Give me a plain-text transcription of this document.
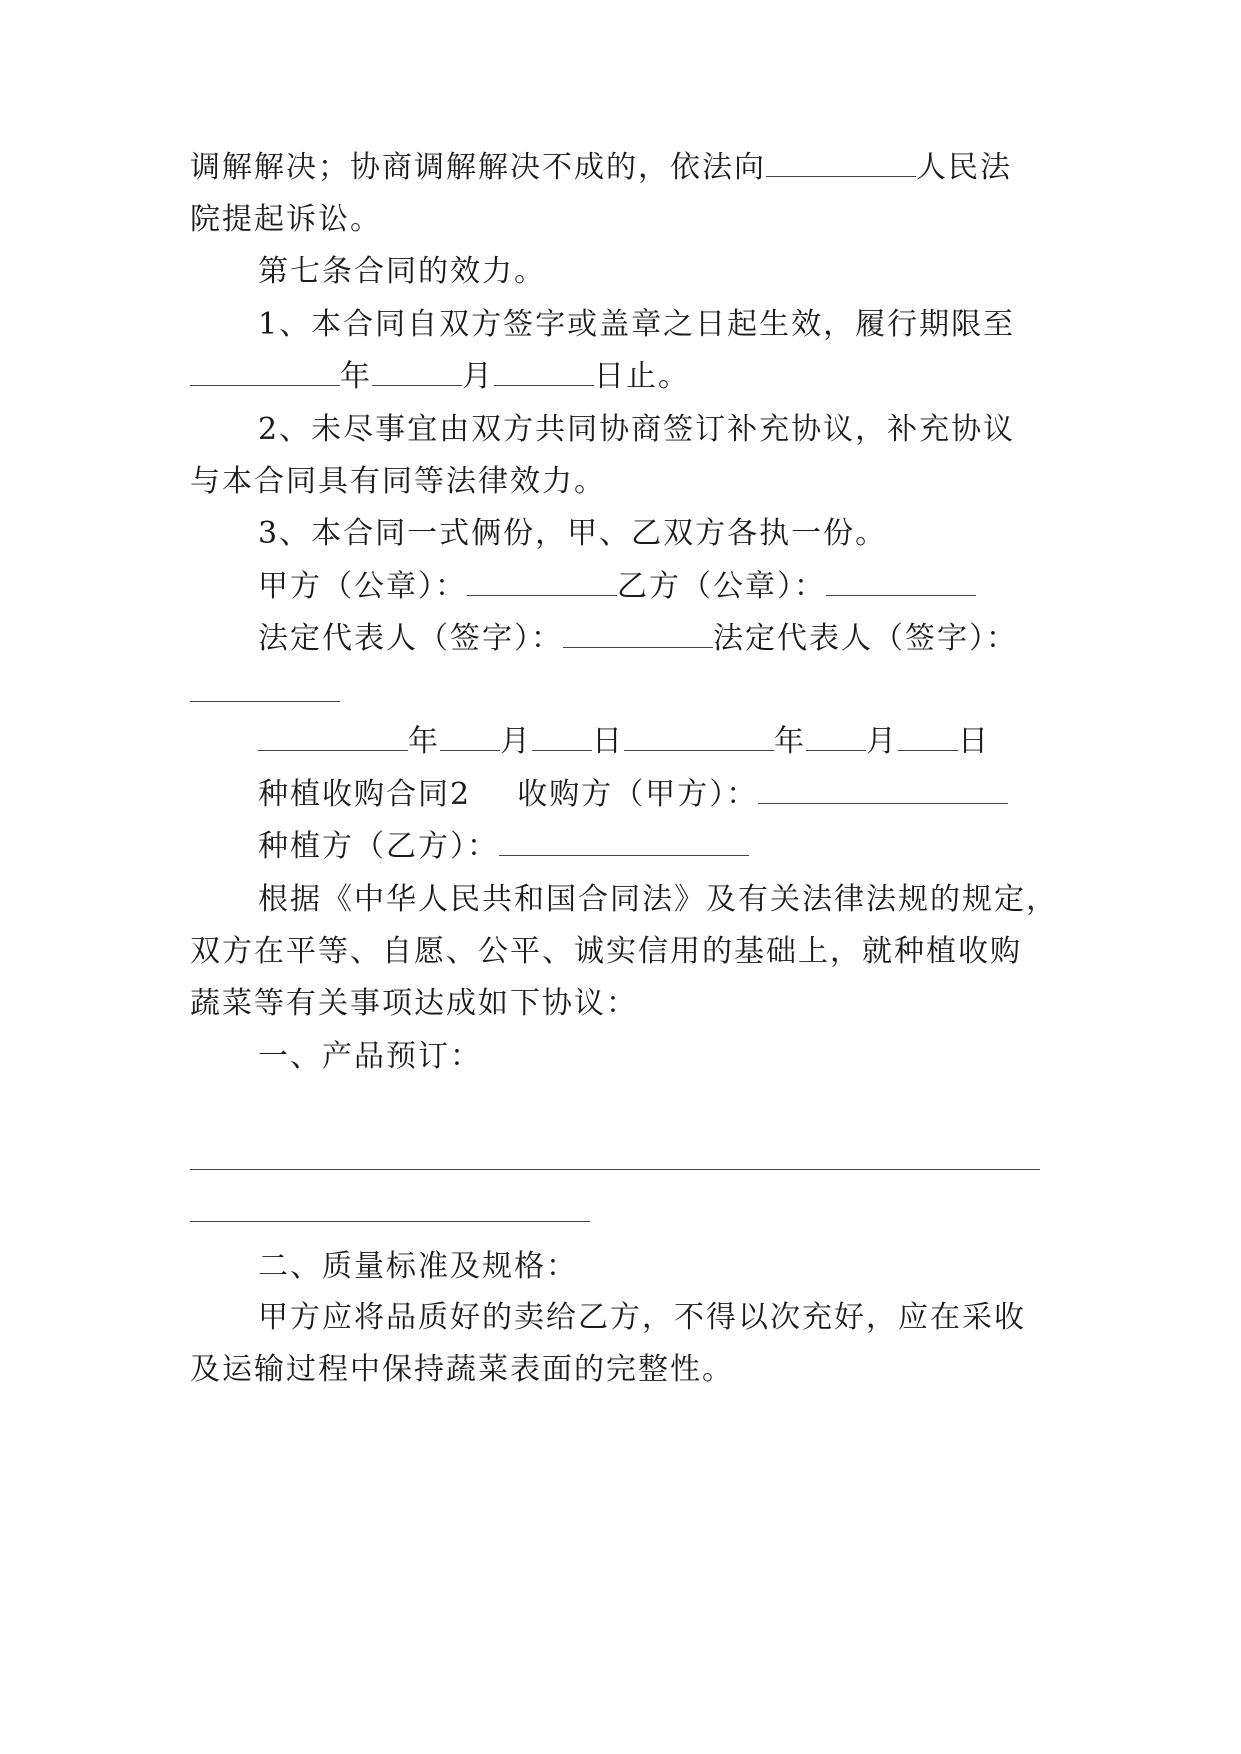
调解解决；协商调解解决不成的，依法向	人民法
院提起诉讼。
第七条合同的效力。
1、本合同自双方签字或盖章之日起生效，履行期限至
年	月	日止。
2、未尽事宜由双方共同协商签订补充协议，补充协议
与本合同具有同等法律效力。
3、本合同一式俩份，甲、乙双方各执一份。
甲方（公章）：	乙方（公章）：
法定代表人（签字）：	法定代表人（签字）：
年 月 日	年 月 日
种植收购合同2 收购方（甲方）：
种植方（乙方）：
根据《中华人民共和国合同法》及有关法律法规的规定，
双方在平等、自愿、公平、诚实信用的基础上，就种植收购
蔬菜等有关事项达成如下协议：
一、产品预订：
二、质量标准及规格：
甲方应将品质好的卖给乙方，不得以次充好，应在采收
及运输过程中保持蔬菜表面的完整性。
